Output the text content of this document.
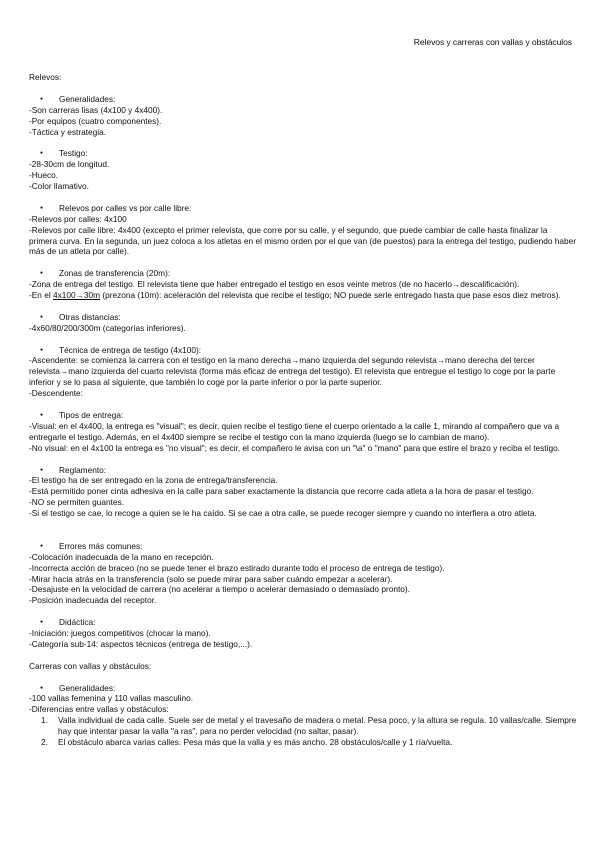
Relevos y carreras con vallas y obstáculos

Relevos:

● Generalidades:

-Son carreras lisas (4x100 y 4x400).

-Por equipos (cuatro componentes).

-Táctica y estrategia.

● Testigo:

-28-30cm de longitud.

-Hueco.

-Color llamativo.

● Relevos por calles vs por calle libre:

-Relevos por calles: 4x100

-Relevos por calle libre: 4x400 (excepto el primer relevista, que corre por su calle, y el segundo, que puede cambiar de calle hasta finalizar la primera curva. En la segunda, un juez coloca a los atletas en el mismo orden por el que van (de puestos) para la entrega del testigo, pudiendo haber más de un atleta por calle).

● Zonas de transferencia (20m):

-Zona de entrega del testigo. El relevista tiene que haber entregado el testigo en esos veinte metros (de no hacerlo→descalificación).

-En el 4x100→30m (prezona (10m): aceleración del relevista que recibe el testigo; NO puede serle entregado hasta que pase esos diez metros).

● Otras distancias:

-4x60/80/200/300m (categorías inferiores).

● Técnica de entrega de testigo (4x100):

-Ascendente: se comienza la carrera con el testigo en la mano derecha→mano izquierda del segundo relevista→mano derecha del tercer relevista→mano izquierda del cuarto relevista (forma más eficaz de entrega del testigo). El relevista que entregue el testigo lo coge por la parte inferior y se lo pasa al siguiente, que también lo coge por la parte inferior o por la parte superior.

-Descendente:

● Tipos de entrega:

-Visual: en el 4x400, la entrega es "visual"; es decir, quien recibe el testigo tiene el cuerpo orientado a la calle 1, mirando al compañero que va a entregarle el testigo. Además, en el 4x400 siempre se recibe el testigo con la mano izquierda (luego se lo cambian de mano).

-No visual: en el 4x100 la entrega es "no visual"; es decir, el compañero le avisa con un "\a" o "mano" para que estire el brazo y reciba el testigo.

● Reglamento:

-El testigo ha de ser entregado en la zona de entrega/transferencia.

-Está permitido poner cinta adhesiva en la calle para saber exactamente la distancia que recorre cada atleta a la hora de pasar el testigo.

-NO se permiten guantes.

-Si el testigo se cae, lo recoge a quien se le ha caído. Si se cae a otra calle, se puede recoger siempre y cuando no interfiera a otro atleta.

● Errores más comunes:

-Colocación inadecuada de la mano en recepción.

-Incorrecta acción de braceo (no se puede tener el brazo estirado durante todo el proceso de entrega de testigo).

-Mirar hacia atrás en la transferencia (solo se puede mirar para saber cuándo empezar a acelerar).

-Desajuste en la velocidad de carrera (no acelerar a tiempo o acelerar demasiado o demasiado pronto).

-Posición inadecuada del receptor.

● Didáctica:

-Iniciación: juegos competitivos (chocar la mano).

-Categoría sub-14: aspectos técnicos (entrega de testigo,...).

Carreras con vallas y obstáculos:

● Generalidades:

-100 vallas femenina y 110 vallas masculino.

-Diferencias entre vallas y obstáculos:

1.	Valla individual de cada calle. Suele ser de metal y el travesaño de madera o metal. Pesa poco, y la altura se regula. 10 vallas/calle. Siempre hay que intentar pasar la valla "a ras", para no perder velocidad (no saltar, pasar).
2.	El obstáculo abarca varias calles. Pesa más que la valla y es más ancho. 28 obstáculos/calle y 1 ría/vuelta.
